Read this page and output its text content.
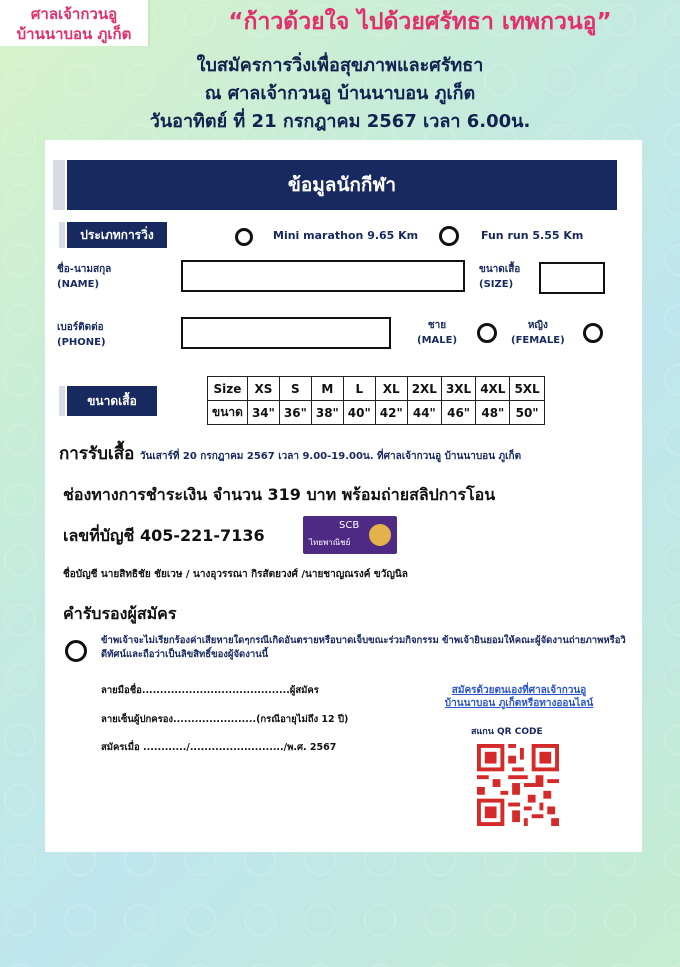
ศาลเจ้ากวนอู
บ้านนาบอน ภูเก็ต	“ก้าวด้วยใจ ไปด้วยศรัทธา เทพกวนอู”
ใบสมัครการวิ่งเพื่อสุขภาพและศรัทธา
ณ ศาลเจ้ากวนอู บ้านนาบอน ภูเก็ต
วันอาทิตย์ ที่ 21 กรกฎาคม 2567 เวลา 6.00น.
ข้อมูลนักกีฬา
ประเภทการวิ่ง	Mini marathon 9.65 Km	Fun run 5.55 Km
ชื่อ-นามสกุล
(NAME)
ขนาดเสื้อ
(SIZE)
เบอร์ติดต่อ
(PHONE)
ชาย
(MALE)
หญิง
(FEMALE)
ขนาดเสื้อ
Size	XS	S	M	L	XL	2XL	3XL	4XL	5XL
ขนาด	34"	36"	38"	40"	42"	44"	46"	48"	50"
การรับเสื้อ วันเสาร์ที่ 20 กรกฎาคม 2567 เวลา 9.00-19.00น. ที่ศาลเจ้ากวนอู บ้านนาบอน ภูเก็ต
ช่องทางการชำระเงิน จำนวน 319 บาท พร้อมถ่ายสลิปการโอน
เลขที่บัญชี 405-221-7136
SCB
ไทยพาณิชย์
ชื่อบัญชี นายสิทธิชัย ชัยเวษ / นางอุวรรณา กิรสัตยวงศ์ /นายชาญณรงค์ ขวัญนิล
คำรับรองผู้สมัคร
ข้าพเจ้าจะไม่เรียกร้องค่าเสียหายใดๆกรณีเกิดอันตรายหรือบาดเจ็บขณะร่วมกิจกรรม ข้าพเจ้ายินยอมให้คณะผู้จัดงานถ่ายภาพหรือวิดีทัศน์และถือว่าเป็นลิขสิทธิ์ของผู้จัดงานนี้
ลายมือชื่อ.........................................ผู้สมัคร
ลายเซ็นผู้ปกครอง.......................(กรณีอายุไม่ถึง 12 ปี)
สมัครเมื่อ ............/........................../พ.ศ. 2567
สมัครด้วยตนเองที่ศาลเจ้ากวนอู
บ้านนาบอน ภูเก็ตหรือทางออนไลน์
สแกน QR CODE
